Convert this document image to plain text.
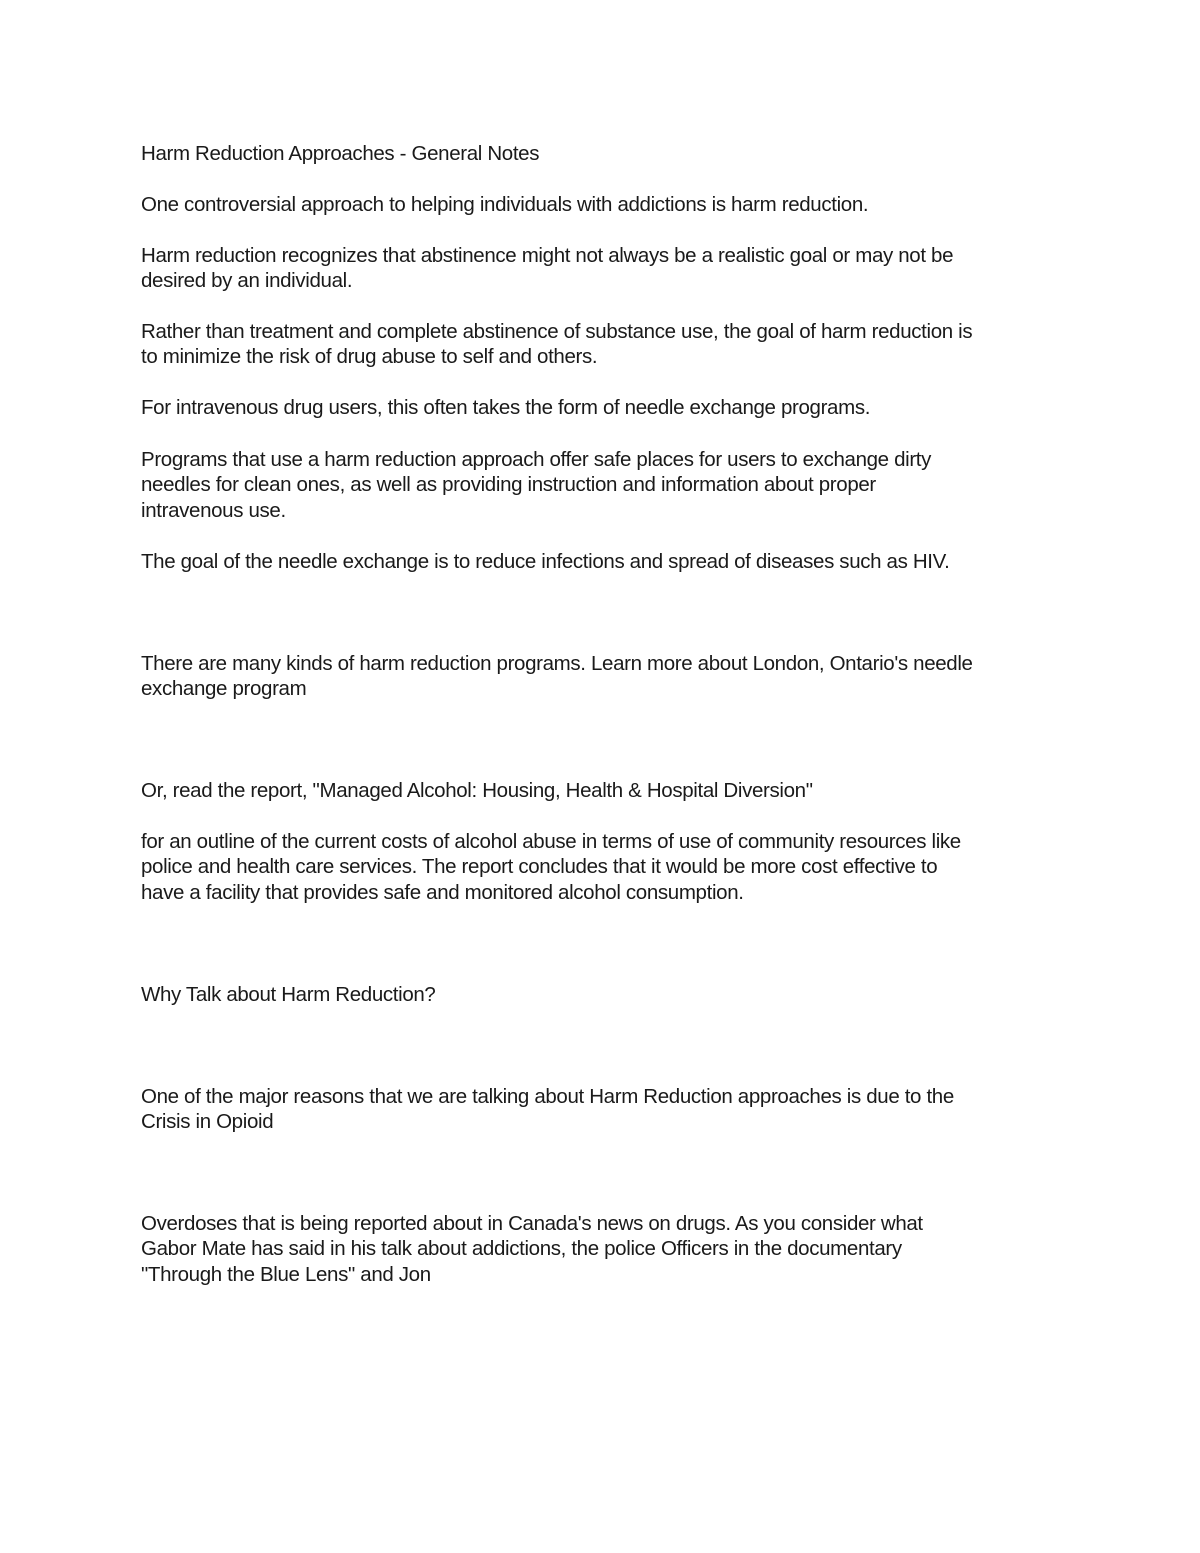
Harm Reduction Approaches - General Notes

One controversial approach to helping individuals with addictions is harm reduction.

Harm reduction recognizes that abstinence might not always be a realistic goal or may not be

desired by an individual.

Rather than treatment and complete abstinence of substance use, the goal of harm reduction is

to minimize the risk of drug abuse to self and others.

For intravenous drug users, this often takes the form of needle exchange programs.

Programs that use a harm reduction approach offer safe places for users to exchange dirty

needles for clean ones, as well as providing instruction and information about proper

intravenous use.

The goal of the needle exchange is to reduce infections and spread of diseases such as HIV.

There are many kinds of harm reduction programs. Learn more about London, Ontario's needle

exchange program

Or, read the report, "Managed Alcohol: Housing, Health & Hospital Diversion"

for an outline of the current costs of alcohol abuse in terms of use of community resources like

police and health care services. The report concludes that it would be more cost effective to

have a facility that provides safe and monitored alcohol consumption.

Why Talk about Harm Reduction?

One of the major reasons that we are talking about Harm Reduction approaches is due to the

Crisis in Opioid

Overdoses that is being reported about in Canada's news on drugs. As you consider what

Gabor Mate has said in his talk about addictions, the police Officers in the documentary

"Through the Blue Lens" and Jon
